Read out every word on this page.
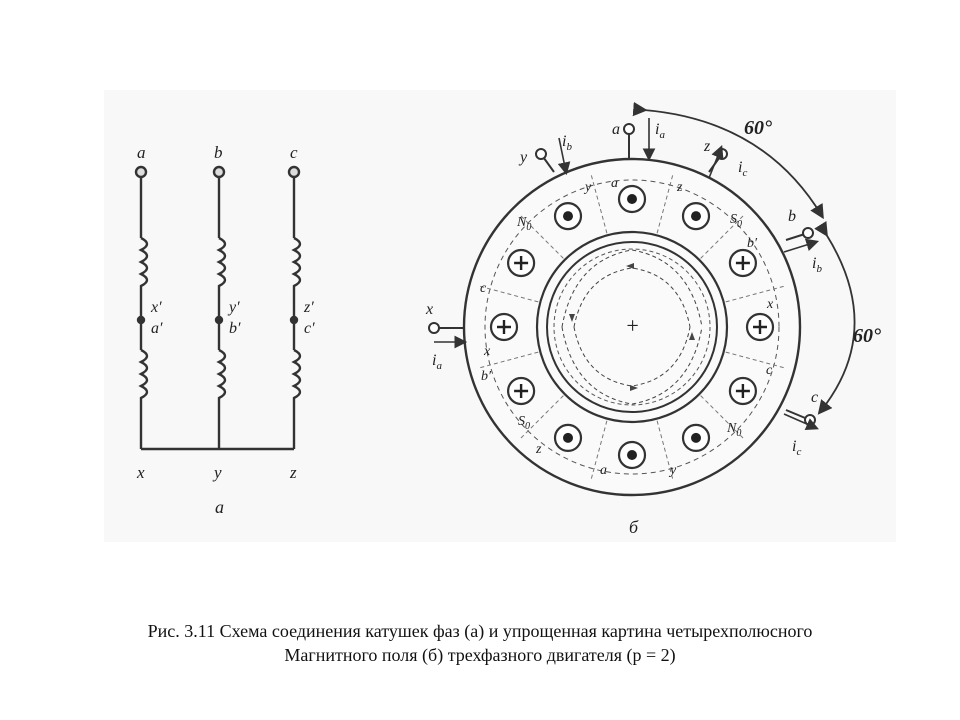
a	b	c
x′	y′	z′
a′	b′	c′
x	y	z
а
+
y a	z
$N_0$
$S_0$
b′
c
x
x
b′	c
$S_0$	$N_0$
z
a	y
a $i_a$
y
$i_b$	z
$i_c$
b
$i_b$
x
$i_a$
c
$i_c$
60°
60°
б
Рис. 3.11 Схема соединения катушек фаз (а) и упрощенная картина четырехполюсного
Магнитного поля (б) трехфазного двигателя (р = 2)
